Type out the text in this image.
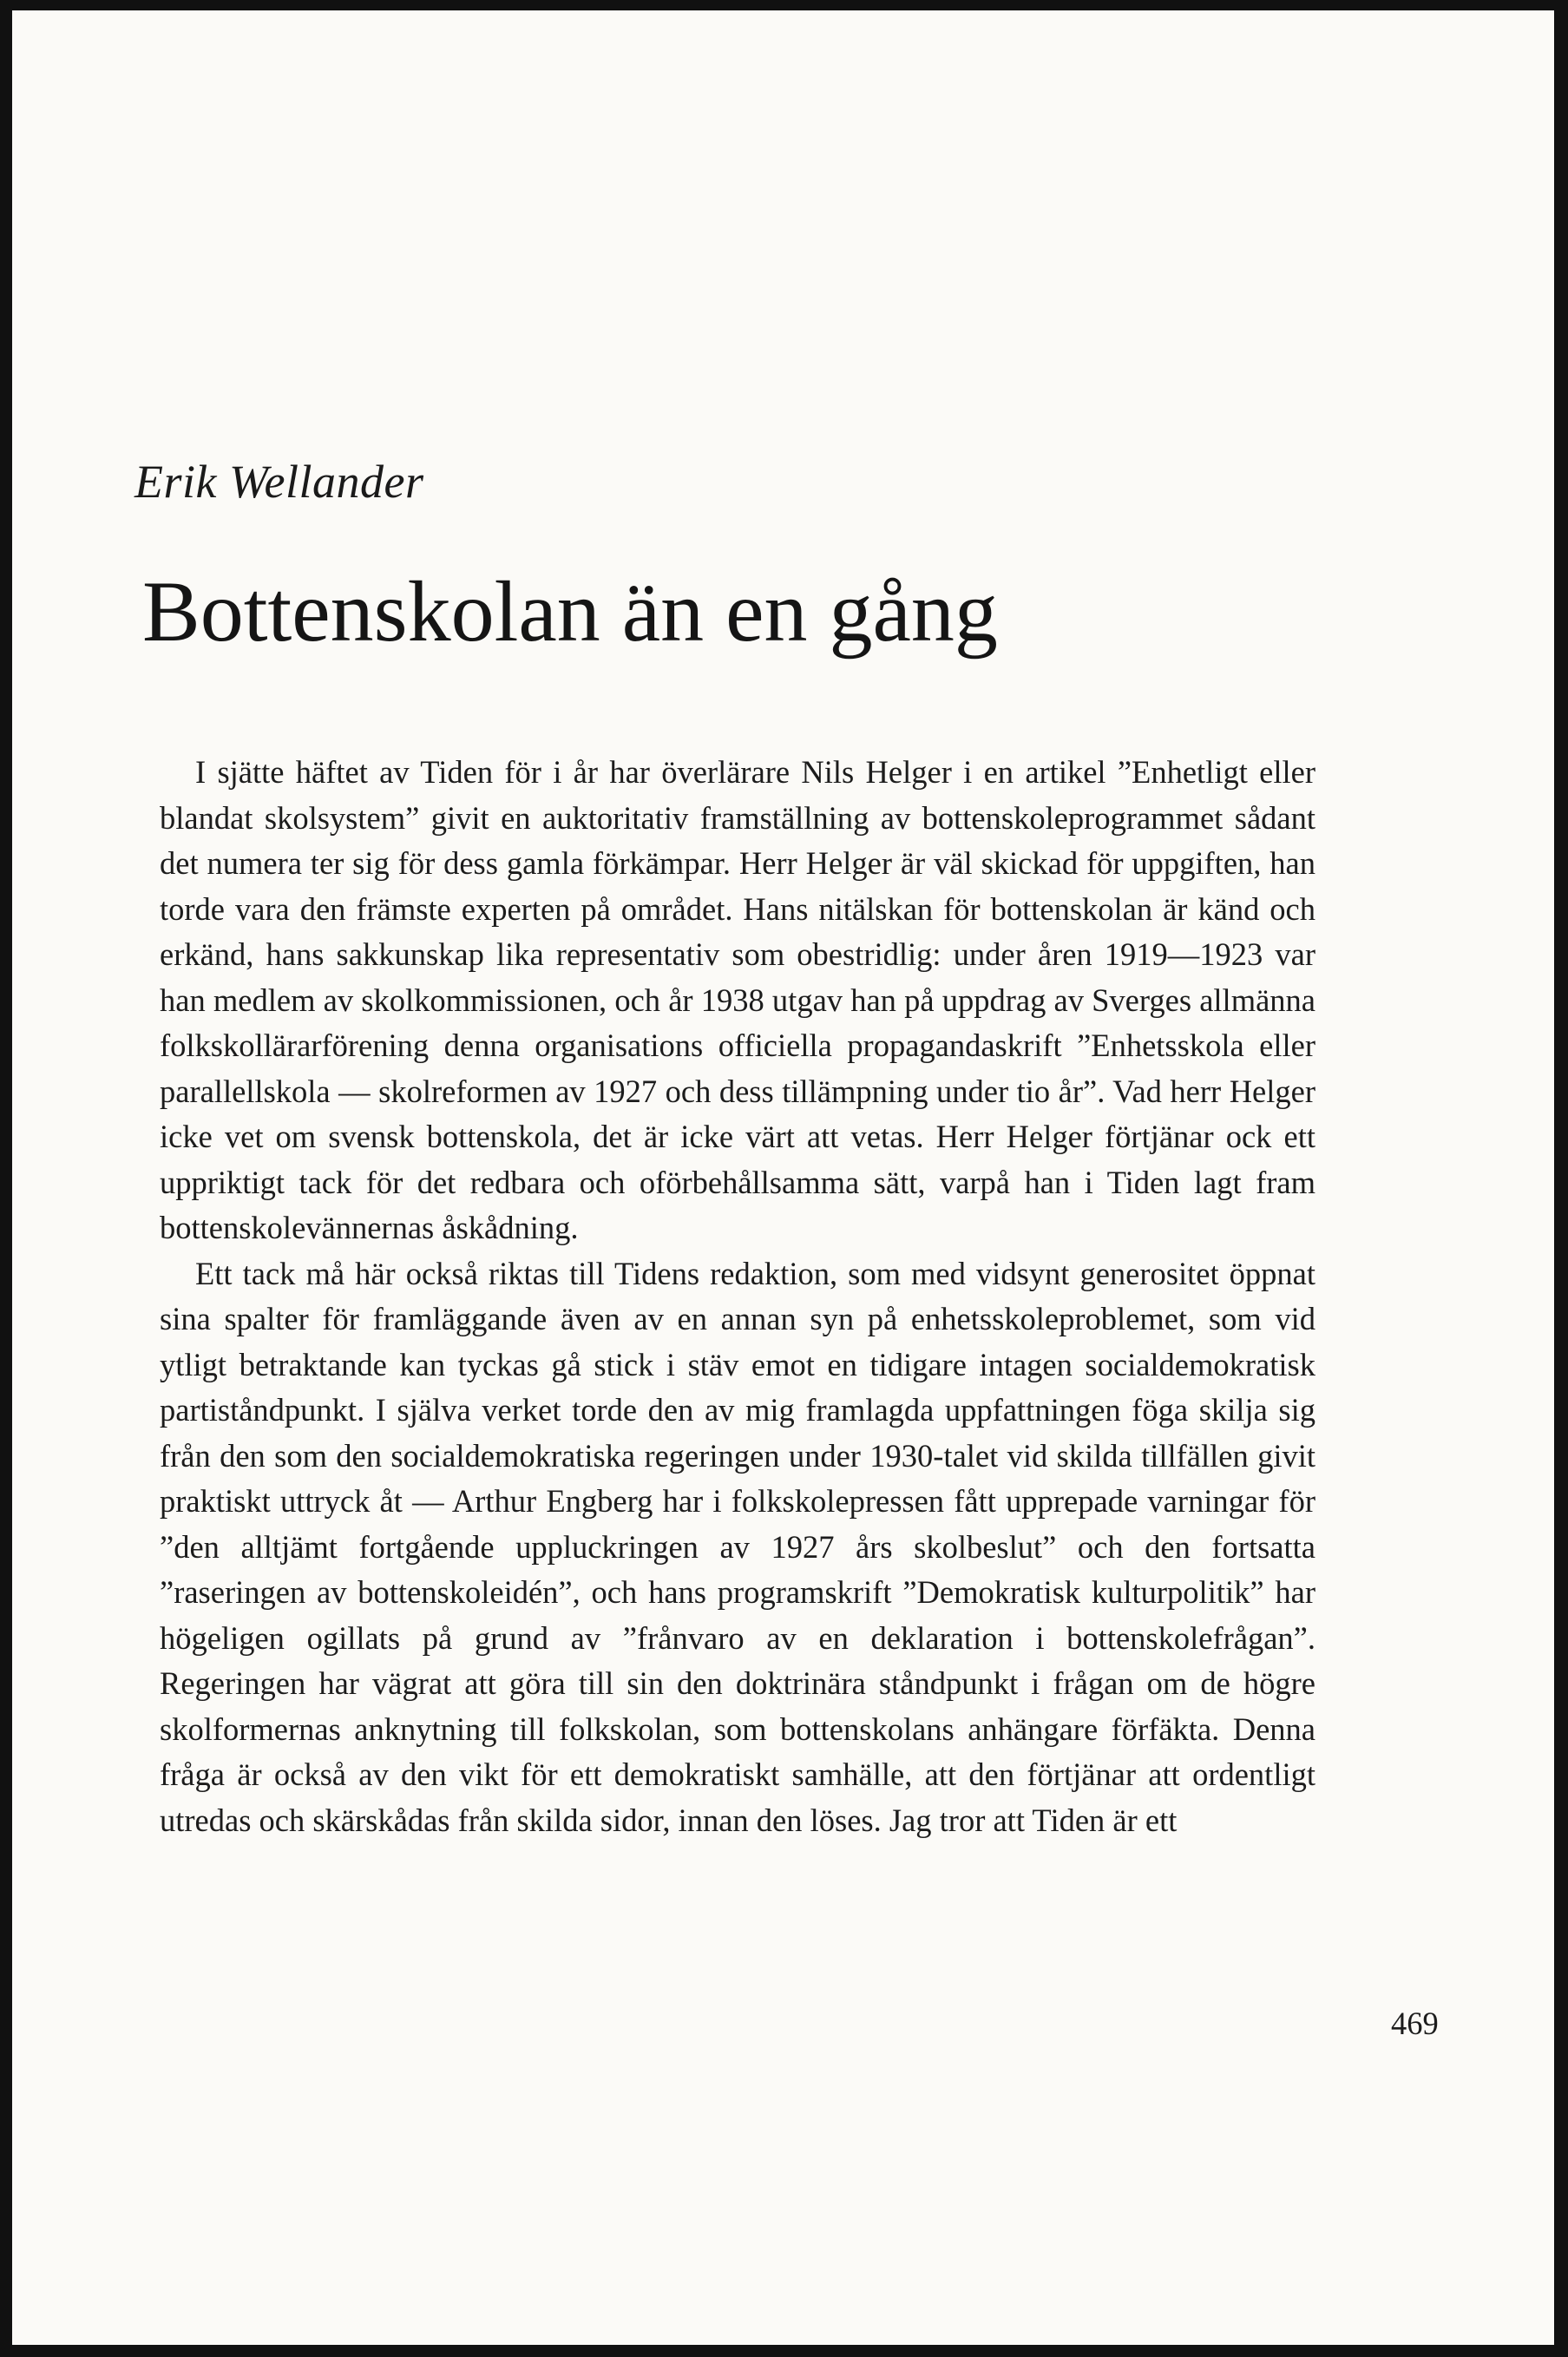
Erik Wellander

Bottenskolan än en gång

I sjätte häftet av Tiden för i år har överlärare Nils Helger i en artikel ”Enhetligt eller blandat skolsystem” givit en auktoritativ framställning av bottenskoleprogrammet sådant det numera ter sig för dess gamla förkämpar. Herr Helger är väl skickad för uppgiften, han torde vara den främste experten på området. Hans nitälskan för bottenskolan är känd och erkänd, hans sakkunskap lika representativ som obestridlig: under åren 1919—1923 var han medlem av skolkommissionen, och år 1938 utgav han på uppdrag av Sverges allmänna folkskollärarförening denna organisations officiella propagandaskrift ”Enhetsskola eller parallellskola — skolreformen av 1927 och dess tillämpning under tio år”. Vad herr Helger icke vet om svensk bottenskola, det är icke värt att vetas. Herr Helger förtjänar ock ett uppriktigt tack för det redbara och oförbehållsamma sätt, varpå han i Tiden lagt fram bottenskolevännernas åskådning.

Ett tack må här också riktas till Tidens redaktion, som med vidsynt generositet öppnat sina spalter för framläggande även av en annan syn på enhetsskoleproblemet, som vid ytligt betraktande kan tyckas gå stick i stäv emot en tidigare intagen socialdemokratisk partiståndpunkt. I själva verket torde den av mig framlagda uppfattningen föga skilja sig från den som den socialdemokratiska regeringen under 1930-talet vid skilda tillfällen givit praktiskt uttryck åt — Arthur Engberg har i folkskolepressen fått upprepade varningar för ”den alltjämt fortgående uppluckringen av 1927 års skolbeslut” och den fortsatta ”raseringen av bottenskoleidén”, och hans programskrift ”Demokratisk kulturpolitik” har högeligen ogillats på grund av ”frånvaro av en deklaration i bottenskolefrågan”. Regeringen har vägrat att göra till sin den doktrinära ståndpunkt i frågan om de högre skolformernas anknytning till folkskolan, som bottenskolans anhängare förfäkta. Denna fråga är också av den vikt för ett demokratiskt samhälle, att den förtjänar att ordentligt utredas och skärskådas från skilda sidor, innan den löses. Jag tror att Tiden är ett

469
